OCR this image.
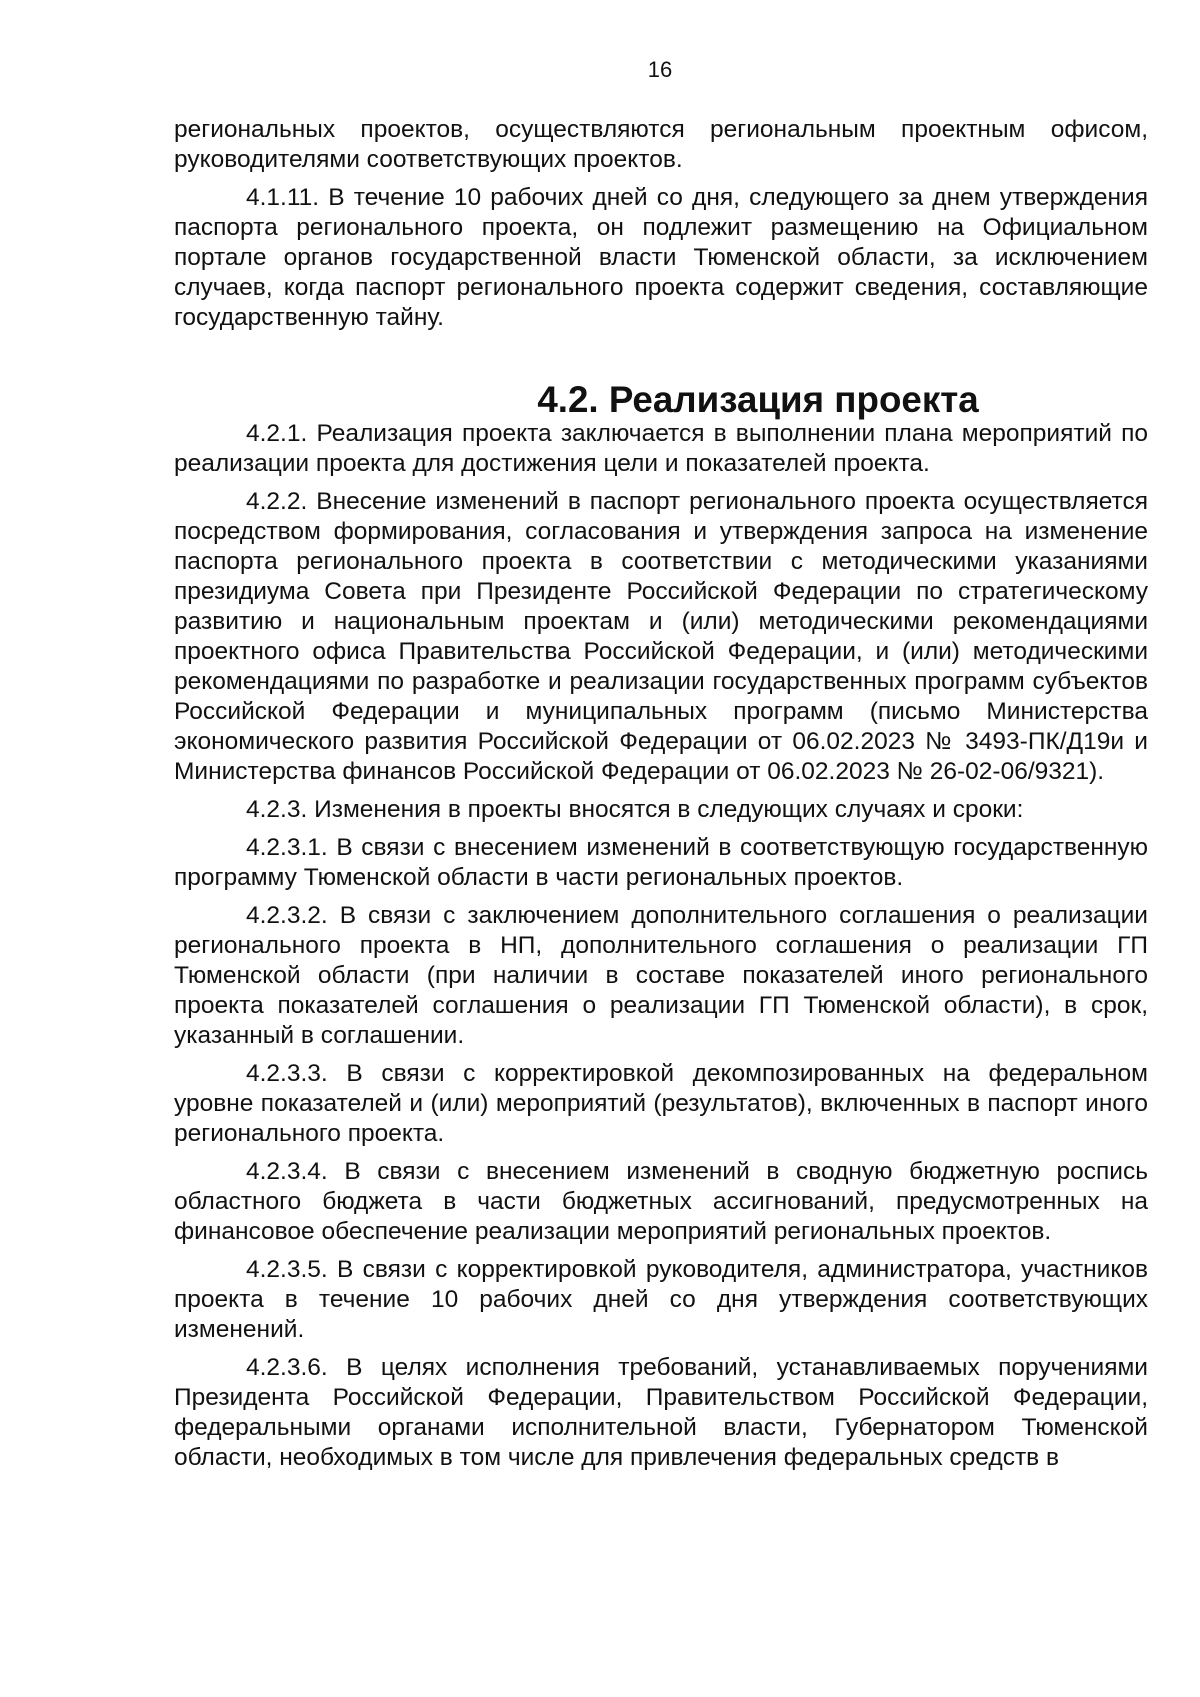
16

региональных проектов, осуществляются региональным проектным офисом, руководителями соответствующих проектов.

4.1.11. В течение 10 рабочих дней со дня, следующего за днем утверждения паспорта регионального проекта, он подлежит размещению на Официальном портале органов государственной власти Тюменской области, за исключением случаев, когда паспорт регионального проекта содержит сведения, составляющие государственную тайну.

4.2. Реализация проекта

4.2.1. Реализация проекта заключается в выполнении плана мероприятий по реализации проекта для достижения цели и показателей проекта.

4.2.2. Внесение изменений в паспорт регионального проекта осуществляется посредством формирования, согласования и утверждения запроса на изменение паспорта регионального проекта в соответствии с методическими указаниями президиума Совета при Президенте Российской Федерации по стратегическому развитию и национальным проектам и (или) методическими рекомендациями проектного офиса Правительства Российской Федерации, и (или) методическими рекомендациями по разработке и реализации государственных программ субъектов Российской Федерации и муниципальных программ (письмо Министерства экономического развития Российской Федерации от 06.02.2023 № 3493-ПК/Д19и и Министерства финансов Российской Федерации от 06.02.2023 № 26-02-06/9321).

4.2.3. Изменения в проекты вносятся в следующих случаях и сроки:

4.2.3.1. В связи с внесением изменений в соответствующую государственную программу Тюменской области в части региональных проектов.

4.2.3.2. В связи с заключением дополнительного соглашения о реализации регионального проекта в НП, дополнительного соглашения о реализации ГП Тюменской области (при наличии в составе показателей иного регионального проекта показателей соглашения о реализации ГП Тюменской области), в срок, указанный в соглашении.

4.2.3.3. В связи с корректировкой декомпозированных на федеральном уровне показателей и (или) мероприятий (результатов), включенных в паспорт иного регионального проекта.

4.2.3.4. В связи с внесением изменений в сводную бюджетную роспись областного бюджета в части бюджетных ассигнований, предусмотренных на финансовое обеспечение реализации мероприятий региональных проектов.

4.2.3.5. В связи с корректировкой руководителя, администратора, участников проекта в течение 10 рабочих дней со дня утверждения соответствующих изменений.

4.2.3.6. В целях исполнения требований, устанавливаемых поручениями Президента Российской Федерации, Правительством Российской Федерации, федеральными органами исполнительной власти, Губернатором Тюменской области, необходимых в том числе для привлечения федеральных средств в
